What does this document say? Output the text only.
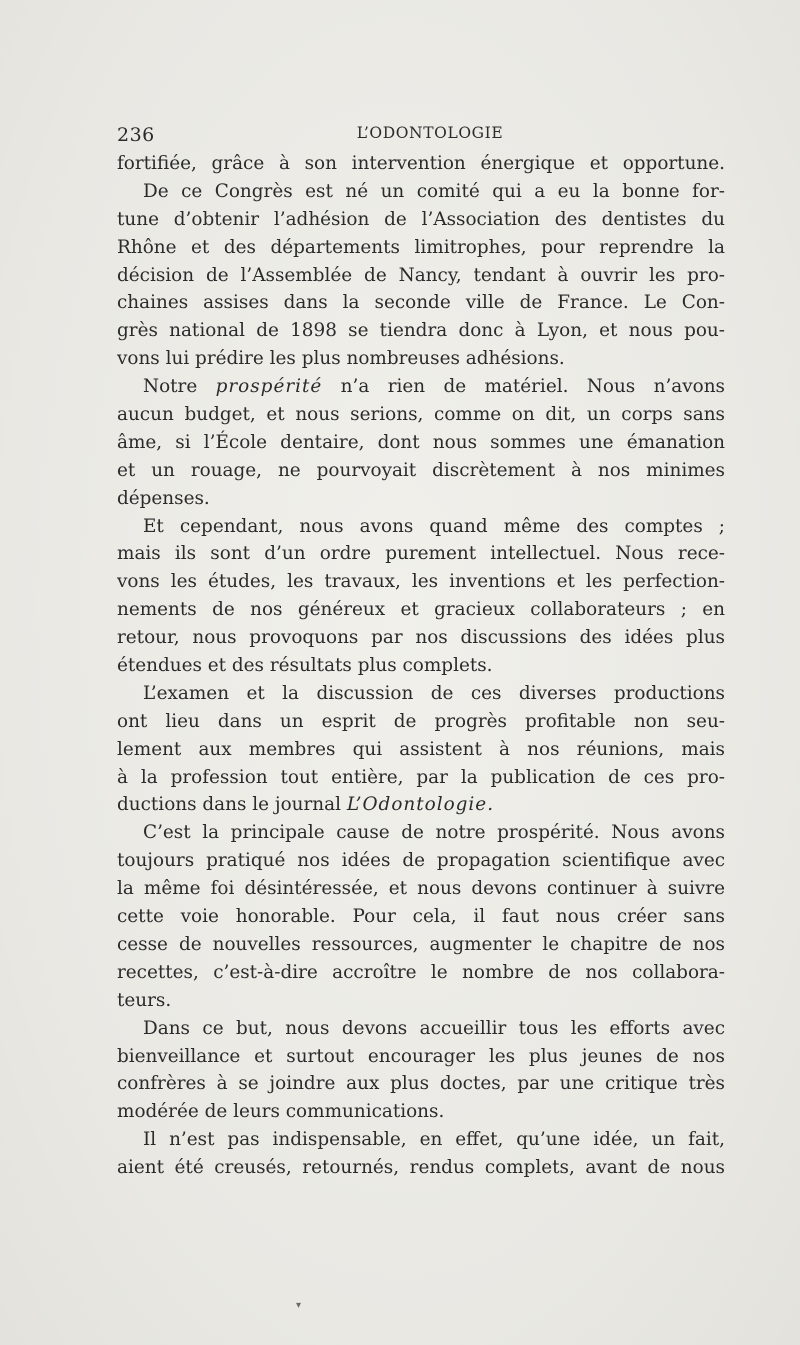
236	L’ODONTOLOGIE
fortifiée, grâce à son intervention énergique et opportune.
De ce Congrès est né un comité qui a eu la bonne for-
tune d’obtenir l’adhésion de l’Association des dentistes du
Rhône et des départements limitrophes, pour reprendre la
décision de l’Assemblée de Nancy, tendant à ouvrir les pro-
chaines assises dans la seconde ville de France. Le Con-
grès national de 1898 se tiendra donc à Lyon, et nous pou-
vons lui prédire les plus nombreuses adhésions.
Notre prospérité n’a rien de matériel. Nous n’avons
aucun budget, et nous serions, comme on dit, un corps sans
âme, si l’École dentaire, dont nous sommes une émanation
et un rouage, ne pourvoyait discrètement à nos minimes
dépenses.
Et cependant, nous avons quand même des comptes ;
mais ils sont d’un ordre purement intellectuel. Nous rece-
vons les études, les travaux, les inventions et les perfection-
nements de nos généreux et gracieux collaborateurs ; en
retour, nous provoquons par nos discussions des idées plus
étendues et des résultats plus complets.
L’examen et la discussion de ces diverses productions
ont lieu dans un esprit de progrès profitable non seu-
lement aux membres qui assistent à nos réunions, mais
à la profession tout entière, par la publication de ces pro-
ductions dans le journal L’Odontologie.
C’est la principale cause de notre prospérité. Nous avons
toujours pratiqué nos idées de propagation scientifique avec
la même foi désintéressée, et nous devons continuer à suivre
cette voie honorable. Pour cela, il faut nous créer sans
cesse de nouvelles ressources, augmenter le chapitre de nos
recettes, c’est-à-dire accroître le nombre de nos collabora-
teurs.
Dans ce but, nous devons accueillir tous les efforts avec
bienveillance et surtout encourager les plus jeunes de nos
confrères à se joindre aux plus doctes, par une critique très
modérée de leurs communications.
Il n’est pas indispensable, en effet, qu’une idée, un fait,
aient été creusés, retournés, rendus complets, avant de nous
▾
